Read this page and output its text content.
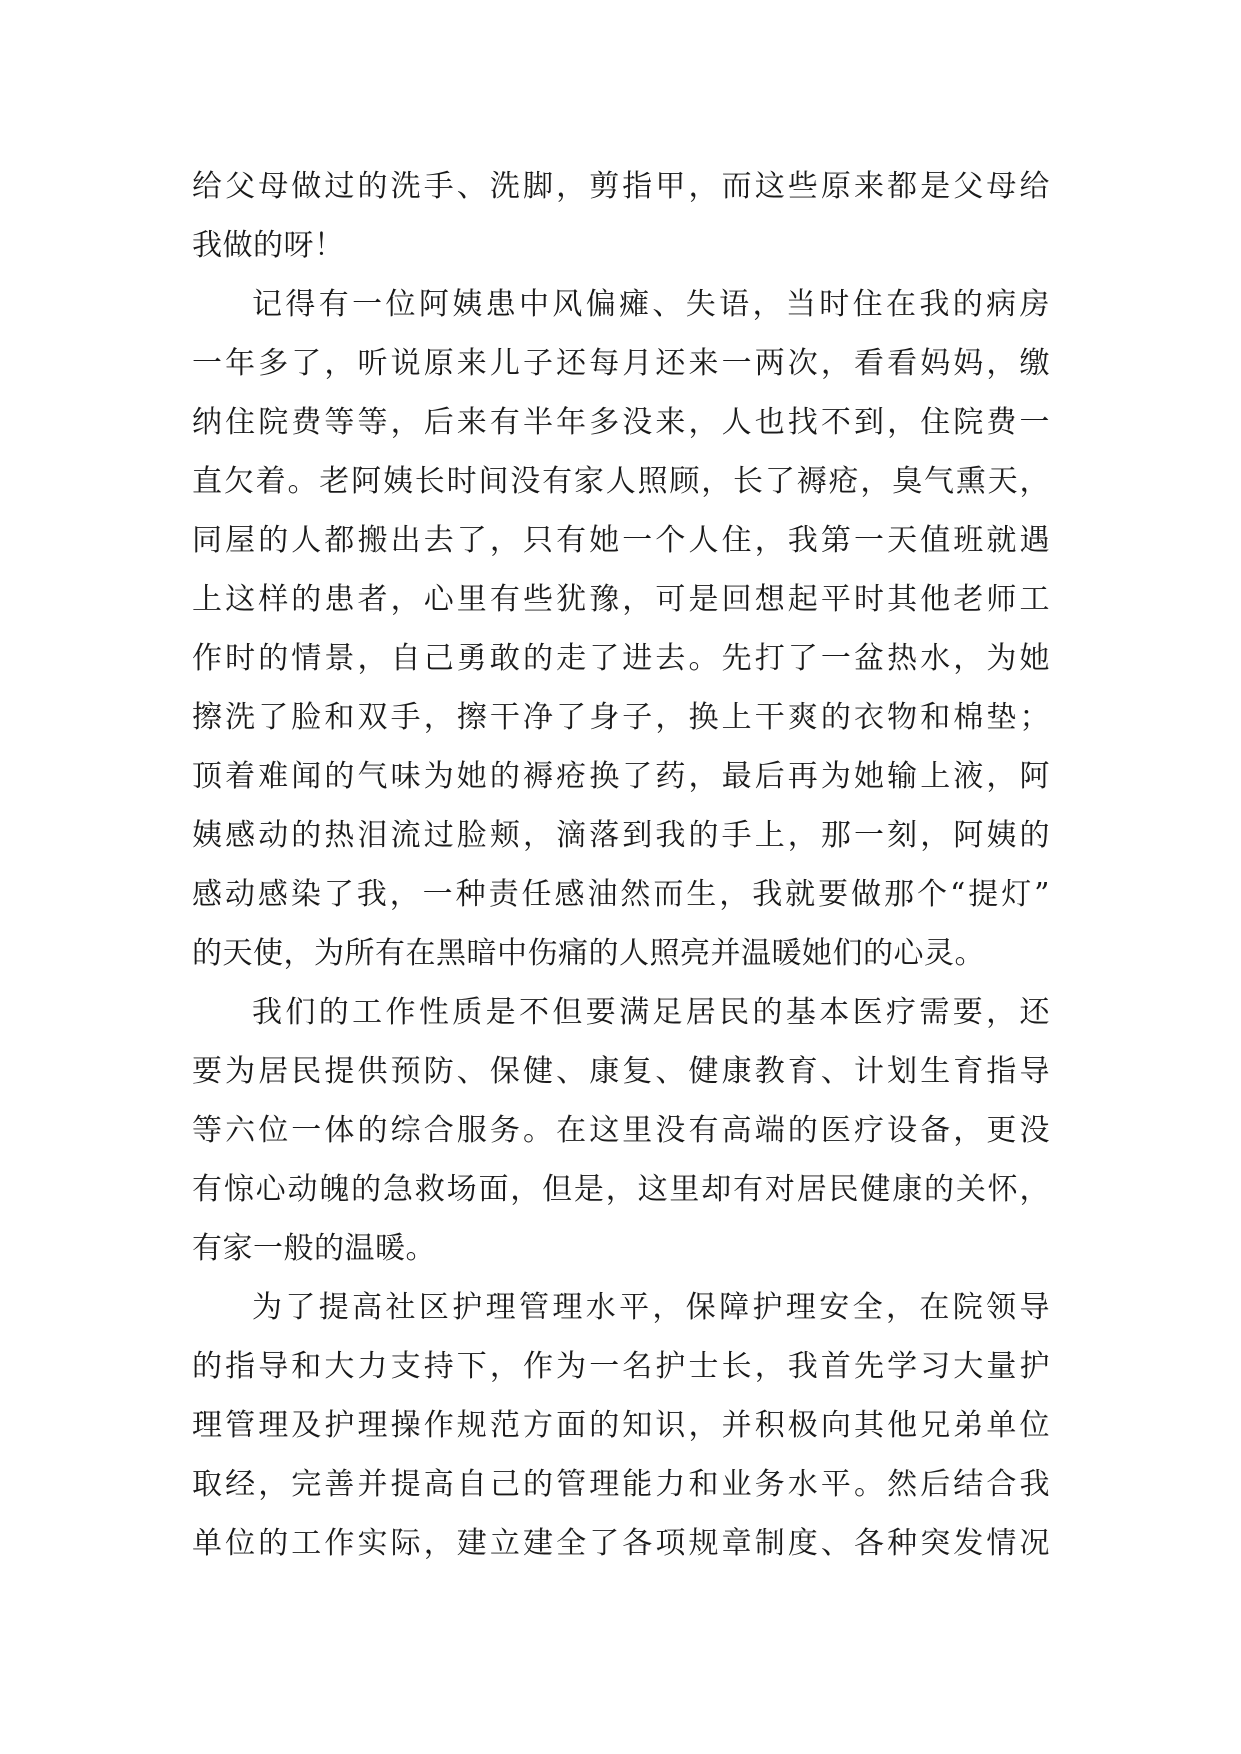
给父母做过的洗手、洗脚，剪指甲，而这些原来都是父母给
我做的呀！
记得有一位阿姨患中风偏瘫、失语，当时住在我的病房
一年多了，听说原来儿子还每月还来一两次，看看妈妈，缴
纳住院费等等，后来有半年多没来，人也找不到，住院费一
直欠着。老阿姨长时间没有家人照顾，长了褥疮，臭气熏天，
同屋的人都搬出去了，只有她一个人住，我第一天值班就遇
上这样的患者，心里有些犹豫，可是回想起平时其他老师工
作时的情景，自己勇敢的走了进去。先打了一盆热水，为她
擦洗了脸和双手，擦干净了身子，换上干爽的衣物和棉垫；
顶着难闻的气味为她的褥疮换了药，最后再为她输上液，阿
姨感动的热泪流过脸颊，滴落到我的手上，那一刻，阿姨的
感动感染了我，一种责任感油然而生，我就要做那个“提灯”
的天使，为所有在黑暗中伤痛的人照亮并温暖她们的心灵。
我们的工作性质是不但要满足居民的基本医疗需要，还
要为居民提供预防、保健、康复、健康教育、计划生育指导
等六位一体的综合服务。在这里没有高端的医疗设备，更没
有惊心动魄的急救场面，但是，这里却有对居民健康的关怀，
有家一般的温暖。
为了提高社区护理管理水平，保障护理安全，在院领导
的指导和大力支持下，作为一名护士长，我首先学习大量护
理管理及护理操作规范方面的知识，并积极向其他兄弟单位
取经，完善并提高自己的管理能力和业务水平。然后结合我
单位的工作实际，建立建全了各项规章制度、各种突发情况
